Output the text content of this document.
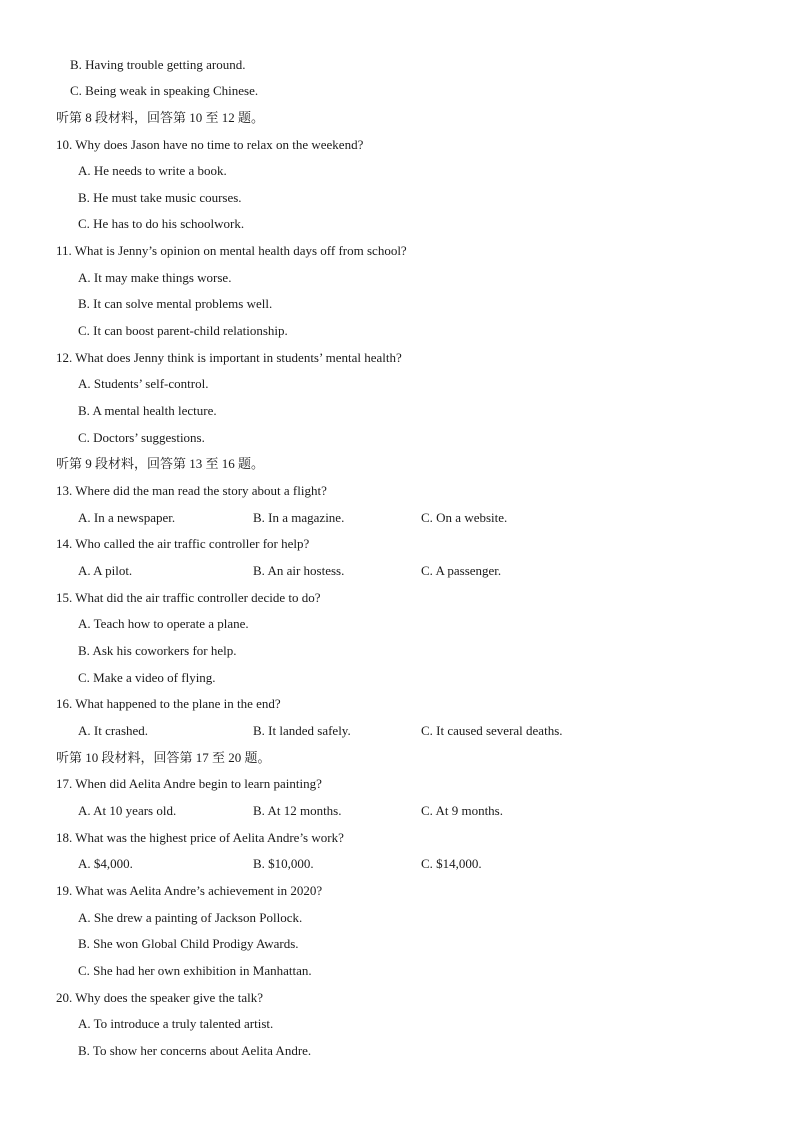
B. Having trouble getting around.
C. Being weak in speaking Chinese.
听第 8 段材料，回答第 10 至 12 题。
10. Why does Jason have no time to relax on the weekend?
A. He needs to write a book.
B. He must take music courses.
C. He has to do his schoolwork.
11. What is Jenny’s opinion on mental health days off from school?
A. It may make things worse.
B. It can solve mental problems well.
C. It can boost parent-child relationship.
12. What does Jenny think is important in students’ mental health?
A. Students’ self-control.
B. A mental health lecture.
C. Doctors’ suggestions.
听第 9 段材料，回答第 13 至 16 题。
13. Where did the man read the story about a flight?
A. In a newspaper.	B. In a magazine.	C. On a website.
14. Who called the air traffic controller for help?
A. A pilot.	B. An air hostess.	C. A passenger.
15. What did the air traffic controller decide to do?
A. Teach how to operate a plane.
B. Ask his coworkers for help.
C. Make a video of flying.
16. What happened to the plane in the end?
A. It crashed.	B. It landed safely.	C. It caused several deaths.
听第 10 段材料，回答第 17 至 20 题。
17. When did Aelita Andre begin to learn painting?
A. At 10 years old.	B. At 12 months.	C. At 9 months.
18. What was the highest price of Aelita Andre’s work?
A. $4,000.	B. $10,000.	C. $14,000.
19. What was Aelita Andre’s achievement in 2020?
A. She drew a painting of Jackson Pollock.
B. She won Global Child Prodigy Awards.
C. She had her own exhibition in Manhattan.
20. Why does the speaker give the talk?
A. To introduce a truly talented artist.
B. To show her concerns about Aelita Andre.
